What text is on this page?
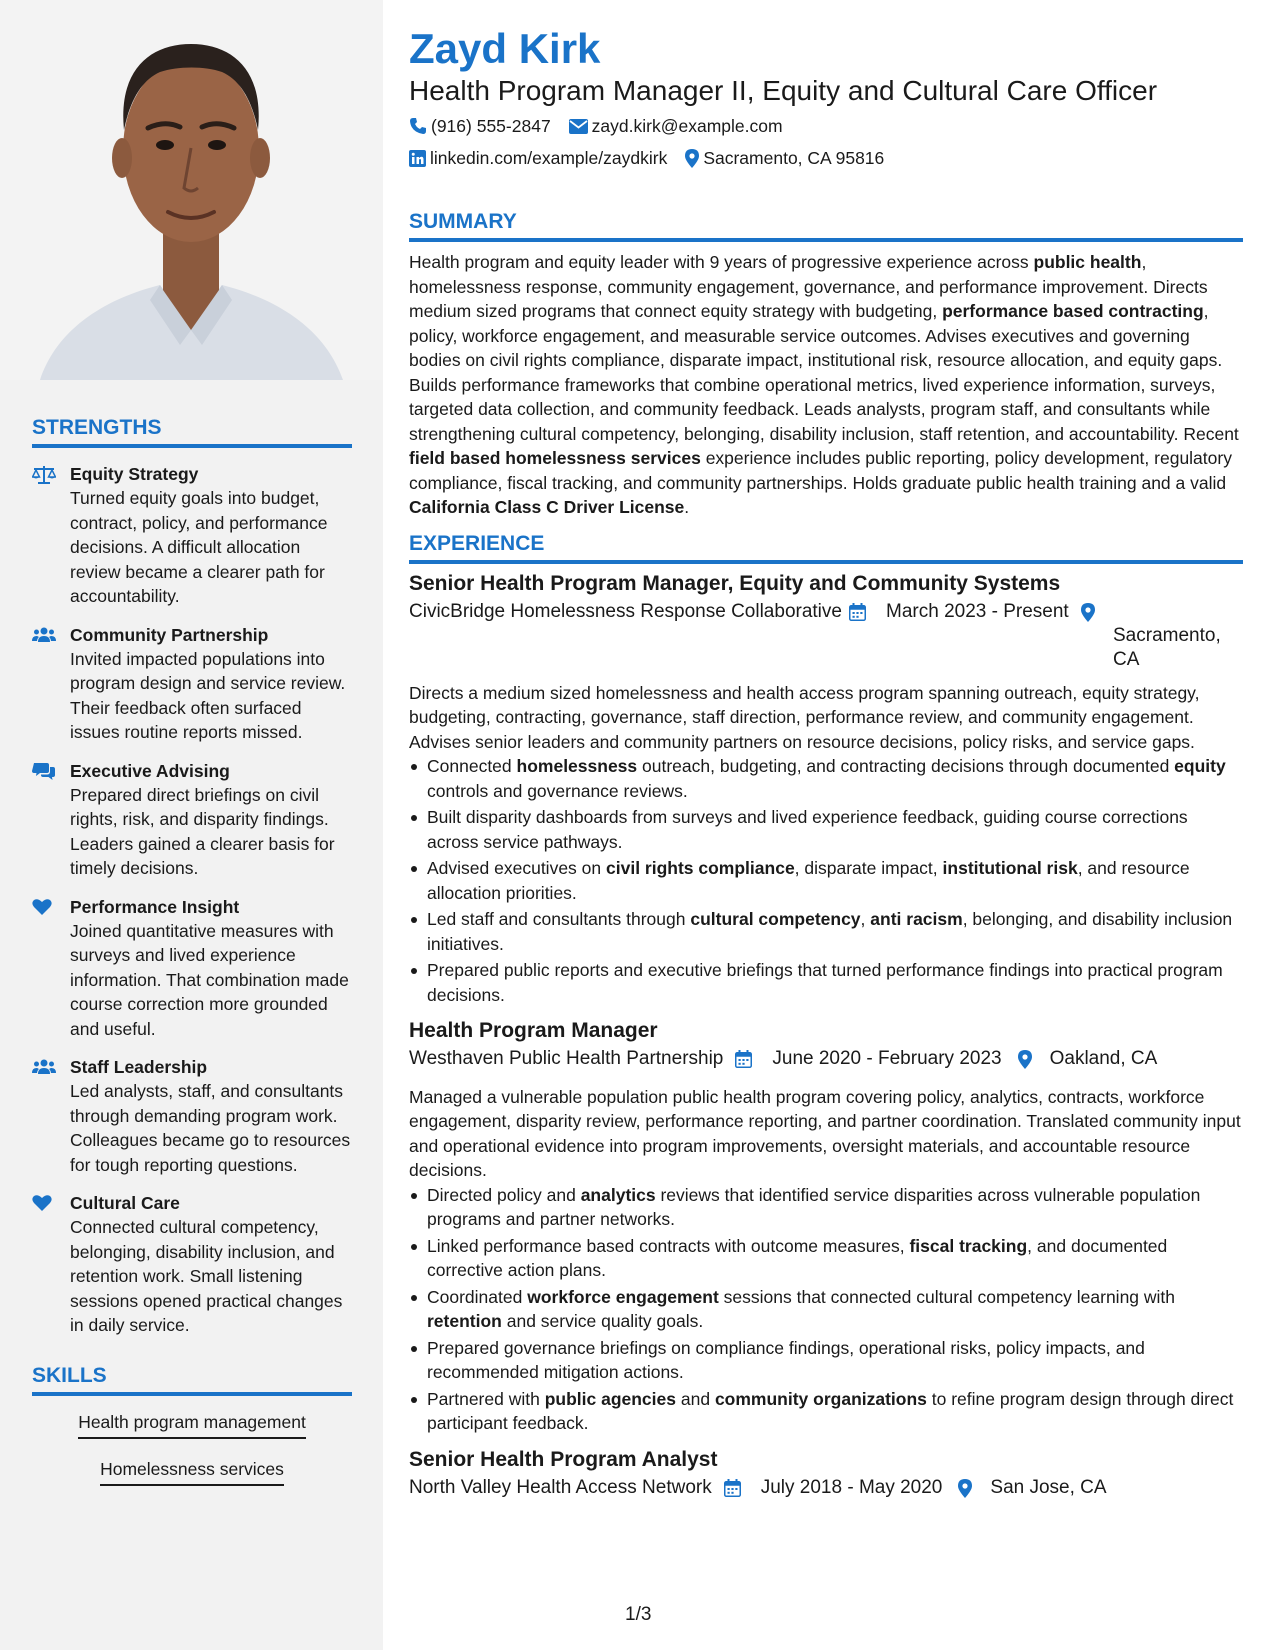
STRENGTHS
Equity Strategy
Turned equity goals into budget, contract, policy, and performance decisions. A difficult allocation review became a clearer path for accountability.
Community Partnership
Invited impacted populations into program design and service review. Their feedback often surfaced issues routine reports missed.
Executive Advising
Prepared direct briefings on civil rights, risk, and disparity findings. Leaders gained a clearer basis for timely decisions.
Performance Insight
Joined quantitative measures with surveys and lived experience information. That combination made course correction more grounded and useful.
Staff Leadership
Led analysts, staff, and consultants through demanding program work. Colleagues became go to resources for tough reporting questions.
Cultural Care
Connected cultural competency, belonging, disability inclusion, and retention work. Small listening sessions opened practical changes in daily service.
SKILLS
Health program management
Homelessness services
Zayd Kirk
Health Program Manager II, Equity and Cultural Care Officer
(916) 555-2847 zayd.kirk@example.com
linkedin.com/example/zaydkirk Sacramento, CA 95816
SUMMARY
Health program and equity leader with 9 years of progressive experience across public health, homelessness response, community engagement, governance, and performance improvement. Directs medium sized programs that connect equity strategy with budgeting, performance based contracting, policy, workforce engagement, and measurable service outcomes. Advises executives and governing bodies on civil rights compliance, disparate impact, institutional risk, resource allocation, and equity gaps. Builds performance frameworks that combine operational metrics, lived experience information, surveys, targeted data collection, and community feedback. Leads analysts, program staff, and consultants while strengthening cultural competency, belonging, disability inclusion, staff retention, and accountability. Recent field based homelessness services experience includes public reporting, policy development, regulatory compliance, fiscal tracking, and community partnerships. Holds graduate public health training and a valid California Class C Driver License.
EXPERIENCE
Senior Health Program Manager, Equity and Community Systems
CivicBridge Homelessness Response Collaborative	March 2023 - Present
Sacramento, CA
Directs a medium sized homelessness and health access program spanning outreach, equity strategy, budgeting, contracting, governance, staff direction, performance review, and community engagement. Advises senior leaders and community partners on resource decisions, policy risks, and service gaps.
Connected homelessness outreach, budgeting, and contracting decisions through documented equity controls and governance reviews.
Built disparity dashboards from surveys and lived experience feedback, guiding course corrections across service pathways.
Advised executives on civil rights compliance, disparate impact, institutional risk, and resource allocation priorities.
Led staff and consultants through cultural competency, anti racism, belonging, and disability inclusion initiatives.
Prepared public reports and executive briefings that turned performance findings into practical program decisions.
Health Program Manager
Westhaven Public Health Partnership	June 2020 - February 2023	Oakland, CA
Managed a vulnerable population public health program covering policy, analytics, contracts, workforce engagement, disparity review, performance reporting, and partner coordination. Translated community input and operational evidence into program improvements, oversight materials, and accountable resource decisions.
Directed policy and analytics reviews that identified service disparities across vulnerable population programs and partner networks.
Linked performance based contracts with outcome measures, fiscal tracking, and documented corrective action plans.
Coordinated workforce engagement sessions that connected cultural competency learning with retention and service quality goals.
Prepared governance briefings on compliance findings, operational risks, policy impacts, and recommended mitigation actions.
Partnered with public agencies and community organizations to refine program design through direct participant feedback.
Senior Health Program Analyst
North Valley Health Access Network	July 2018 - May 2020	San Jose, CA
1/3
